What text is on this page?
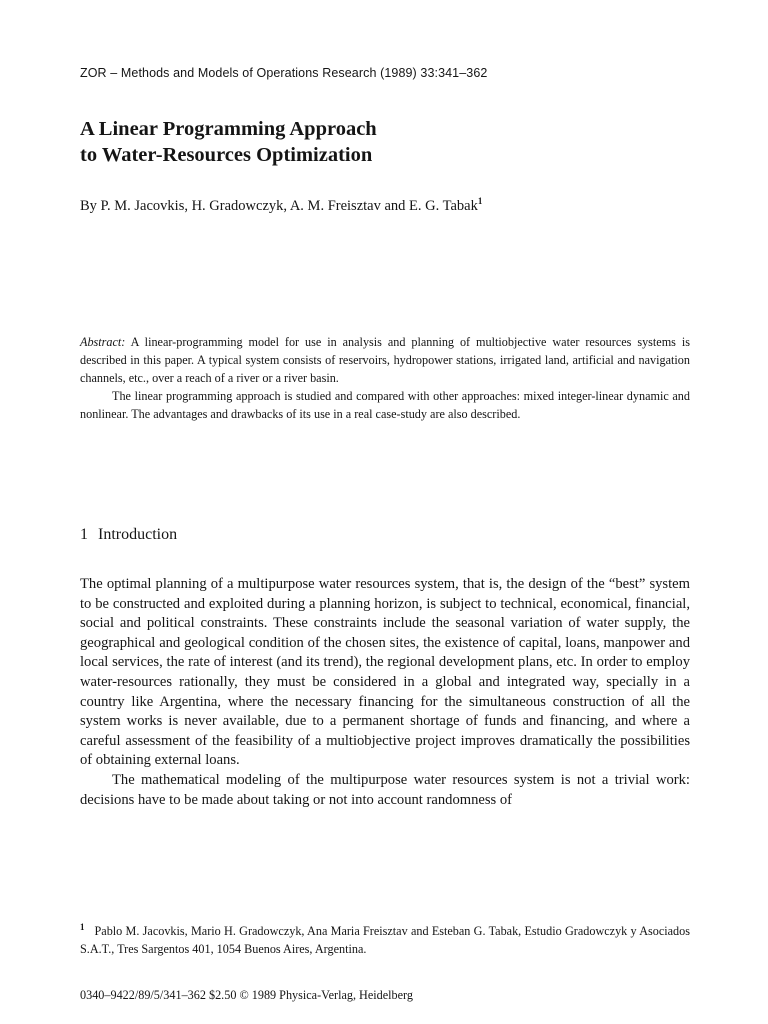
ZOR – Methods and Models of Operations Research (1989) 33:341–362
A Linear Programming Approach
to Water-Resources Optimization
By P. M. Jacovkis, H. Gradowczyk, A. M. Freisztav and E. G. Tabak$^1$

Abstract: A linear-programming model for use in analysis and planning of multiobjective water resources systems is described in this paper. A typical system consists of reservoirs, hydropower stations, irrigated land, artificial and navigation channels, etc., over a reach of a river or a river basin.

The linear programming approach is studied and compared with other approaches: mixed integer-linear dynamic and nonlinear. The advantages and drawbacks of its use in a real case-study are also described.

1 Introduction

The optimal planning of a multipurpose water resources system, that is, the design of the “best” system to be constructed and exploited during a planning horizon, is subject to technical, economical, financial, social and political constraints. These constraints include the seasonal variation of water supply, the geographical and geological condition of the chosen sites, the existence of capital, loans, manpower and local services, the rate of interest (and its trend), the regional development plans, etc. In order to employ water-resources rationally, they must be considered in a global and integrated way, specially in a country like Argentina, where the necessary financing for the simultaneous construction of all the system works is never available, due to a permanent shortage of funds and financing, and where a careful assessment of the feasibility of a multiobjective project improves dramatically the possibilities of obtaining external loans.

The mathematical modeling of the multipurpose water resources system is not a trivial work: decisions have to be made about taking or not into account randomness of

$^1$ Pablo M. Jacovkis, Mario H. Gradowczyk, Ana Maria Freisztav and Esteban G. Tabak, Estudio Gradowczyk y Asociados S.A.T., Tres Sargentos 401, 1054 Buenos Aires, Argentina.
0340–9422/89/5/341–362 $2.50 © 1989 Physica-Verlag, Heidelberg
